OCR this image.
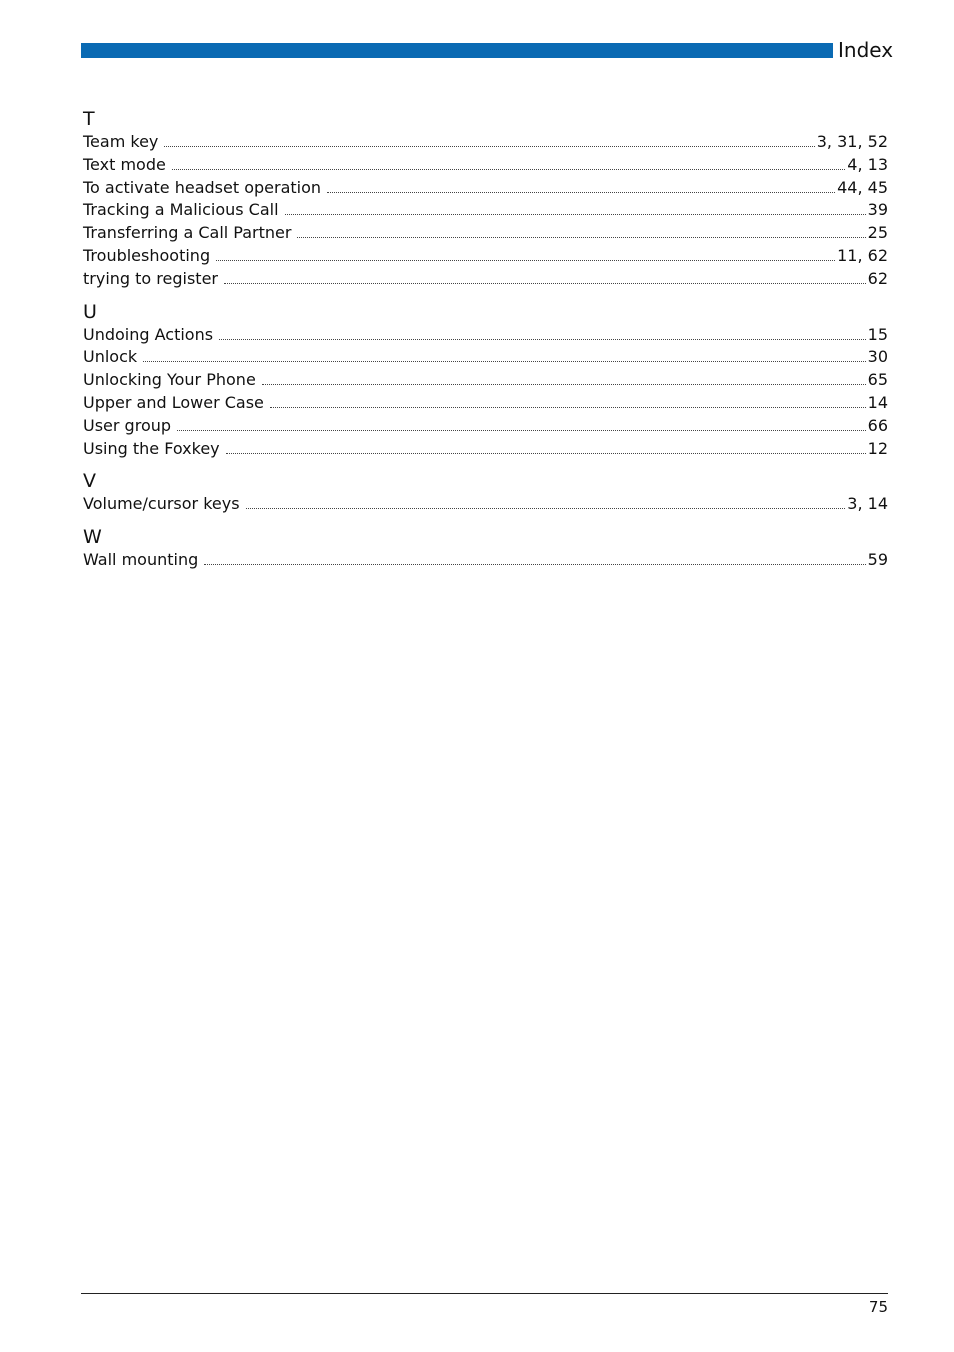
Index
T
Team key	3, 31, 52
Text mode	4, 13
To activate headset operation	44, 45
Tracking a Malicious Call	39
Transferring a Call Partner	25
Troubleshooting	11, 62
trying to register	62
U
Undoing Actions	15
Unlock	30
Unlocking Your Phone	65
Upper and Lower Case	14
User group	66
Using the Foxkey	12
V
Volume/cursor keys	3, 14
W
Wall mounting	59
75
